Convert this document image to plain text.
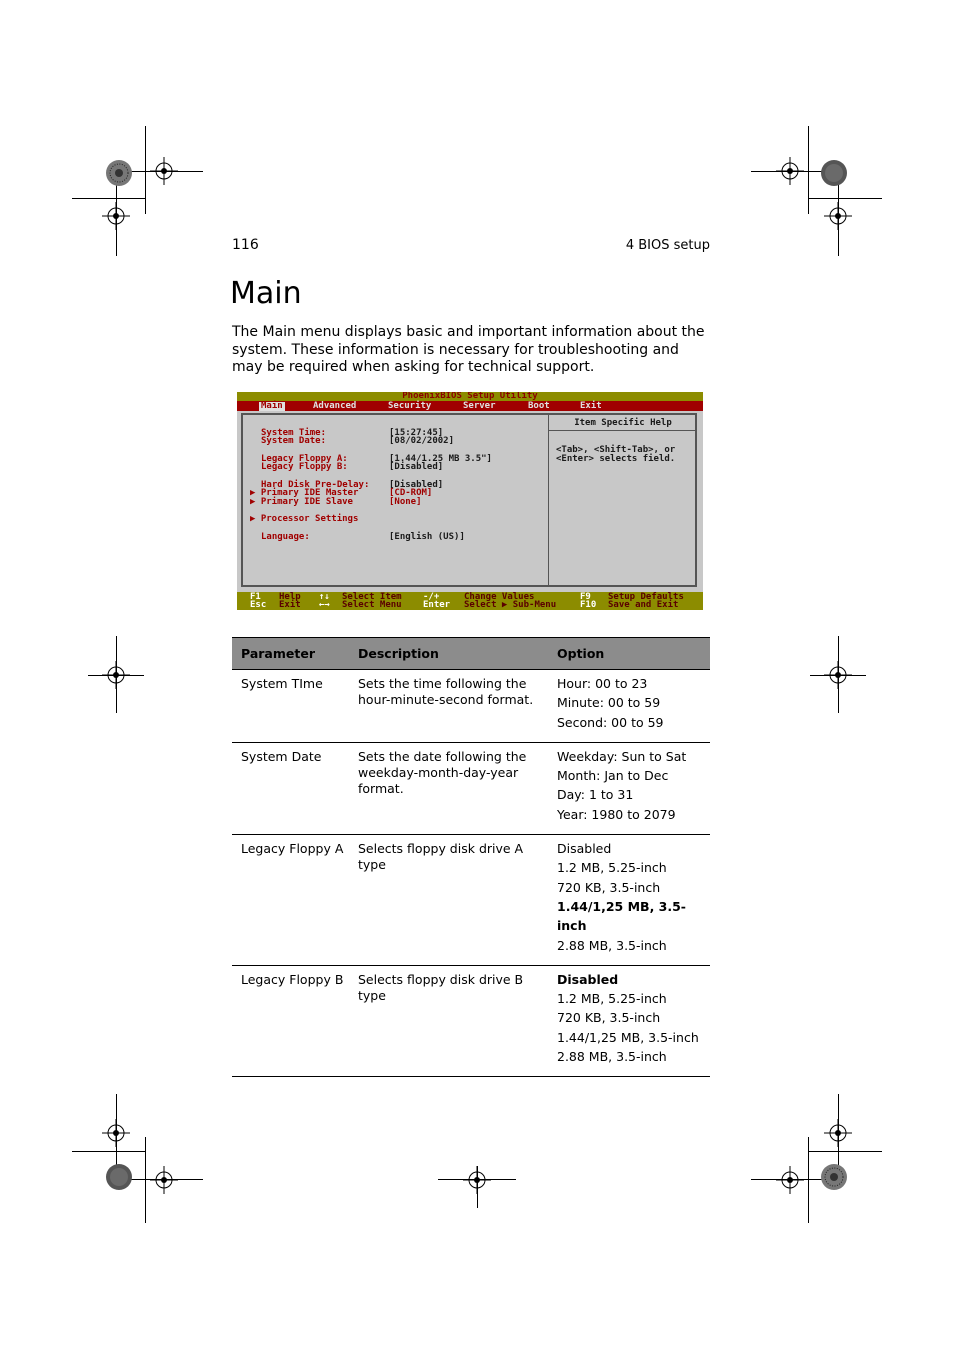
116	4 BIOS setup
Main

The Main menu displays basic and important information about the system. These information is necessary for troubleshooting and may be required when asking for technical support.

PhoenixBIOS Setup Utility
Main	Advanced	Security	Server	Boot	Exit
System Time:	[15:27:45]
System Date:	[08/02/2002]
Legacy Floppy A:	[1.44/1.25 MB 3.5"]
Legacy Floppy B:	[Disabled]
Hard Disk Pre-Delay: [Disabled]
▶ Primary IDE Master	[CD-ROM]
▶ Primary IDE Slave	[None]
▶ Processor Settings
Language:	[English (US)]
Item Specific Help
<Tab>, <Shift-Tab>, or
<Enter> selects field.
F1 Help
Esc Exit
↑↓ Select Item
←→ Select Menu
-/+	Change Values
Enter Select ▶ Sub-Menu
F9 Setup Defaults
F10 Save and Exit
Parameter	Description	Option
System TIme	Sets the time following the hour-minute-second format.	Hour: 00 to 23
Minute: 00 to 59
Second: 00 to 59

System Date	Sets the date following the weekday-month-day-year format.	Weekday: Sun to Sat
Month: Jan to Dec
Day: 1 to 31
Year: 1980 to 2079

Legacy Floppy A	Selects floppy disk drive A type	Disabled
1.2 MB, 5.25-inch
720 KB, 3.5-inch
1.44/1,25 MB, 3.5-inch
2.88 MB, 3.5-inch

Legacy Floppy B	Selects floppy disk drive B type	Disabled
1.2 MB, 5.25-inch
720 KB, 3.5-inch
1.44/1,25 MB, 3.5-inch
2.88 MB, 3.5-inch
